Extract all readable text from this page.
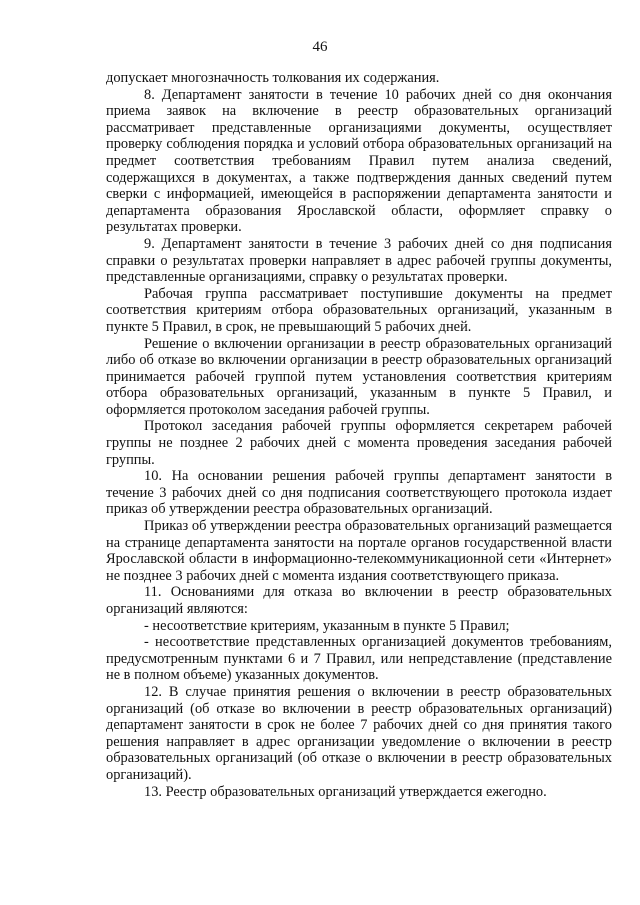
46

допускает многозначность толкования их содержания.

8. Департамент занятости в течение 10 рабочих дней со дня окончания приема заявок на включение в реестр образовательных организаций рассматривает представленные организациями документы, осуществляет проверку соблюдения порядка и условий отбора образовательных организаций на предмет соответствия требованиям Правил путем анализа сведений, содержащихся в документах, а также подтверждения данных сведений путем сверки с информацией, имеющейся в распоряжении департамента занятости и департамента образования Ярославской области, оформляет справку о результатах проверки.

9. Департамент занятости в течение 3 рабочих дней со дня подписания справки о результатах проверки направляет в адрес рабочей группы документы, представленные организациями, справку о результатах проверки.

Рабочая группа рассматривает поступившие документы на предмет соответствия критериям отбора образовательных организаций, указанным в пункте 5 Правил, в срок, не превышающий 5 рабочих дней.

Решение о включении организации в реестр образовательных организаций либо об отказе во включении организации в реестр образовательных организаций принимается рабочей группой путем установления соответствия критериям отбора образовательных организаций, указанным в пункте 5 Правил, и оформляется протоколом заседания рабочей группы.

Протокол заседания рабочей группы оформляется секретарем рабочей группы не позднее 2 рабочих дней с момента проведения заседания рабочей группы.

10. На основании решения рабочей группы департамент занятости в течение 3 рабочих дней со дня подписания соответствующего протокола издает приказ об утверждении реестра образовательных организаций.

Приказ об утверждении реестра образовательных организаций размещается на странице департамента занятости на портале органов государственной власти Ярославской области в информационно-телекоммуникационной сети «Интернет» не позднее 3 рабочих дней с момента издания соответствующего приказа.

11. Основаниями для отказа во включении в реестр образовательных организаций являются:

- несоответствие критериям, указанным в пункте 5 Правил;

- несоответствие представленных организацией документов требованиям, предусмотренным пунктами 6 и 7 Правил, или непредставление (представление не в полном объеме) указанных документов.

12. В случае принятия решения о включении в реестр образовательных организаций (об отказе во включении в реестр образовательных организаций) департамент занятости в срок не более 7 рабочих дней со дня принятия такого решения направляет в адрес организации уведомление о включении в реестр образовательных организаций (об отказе о включении в реестр образовательных организаций).

13. Реестр образовательных организаций утверждается ежегодно.
